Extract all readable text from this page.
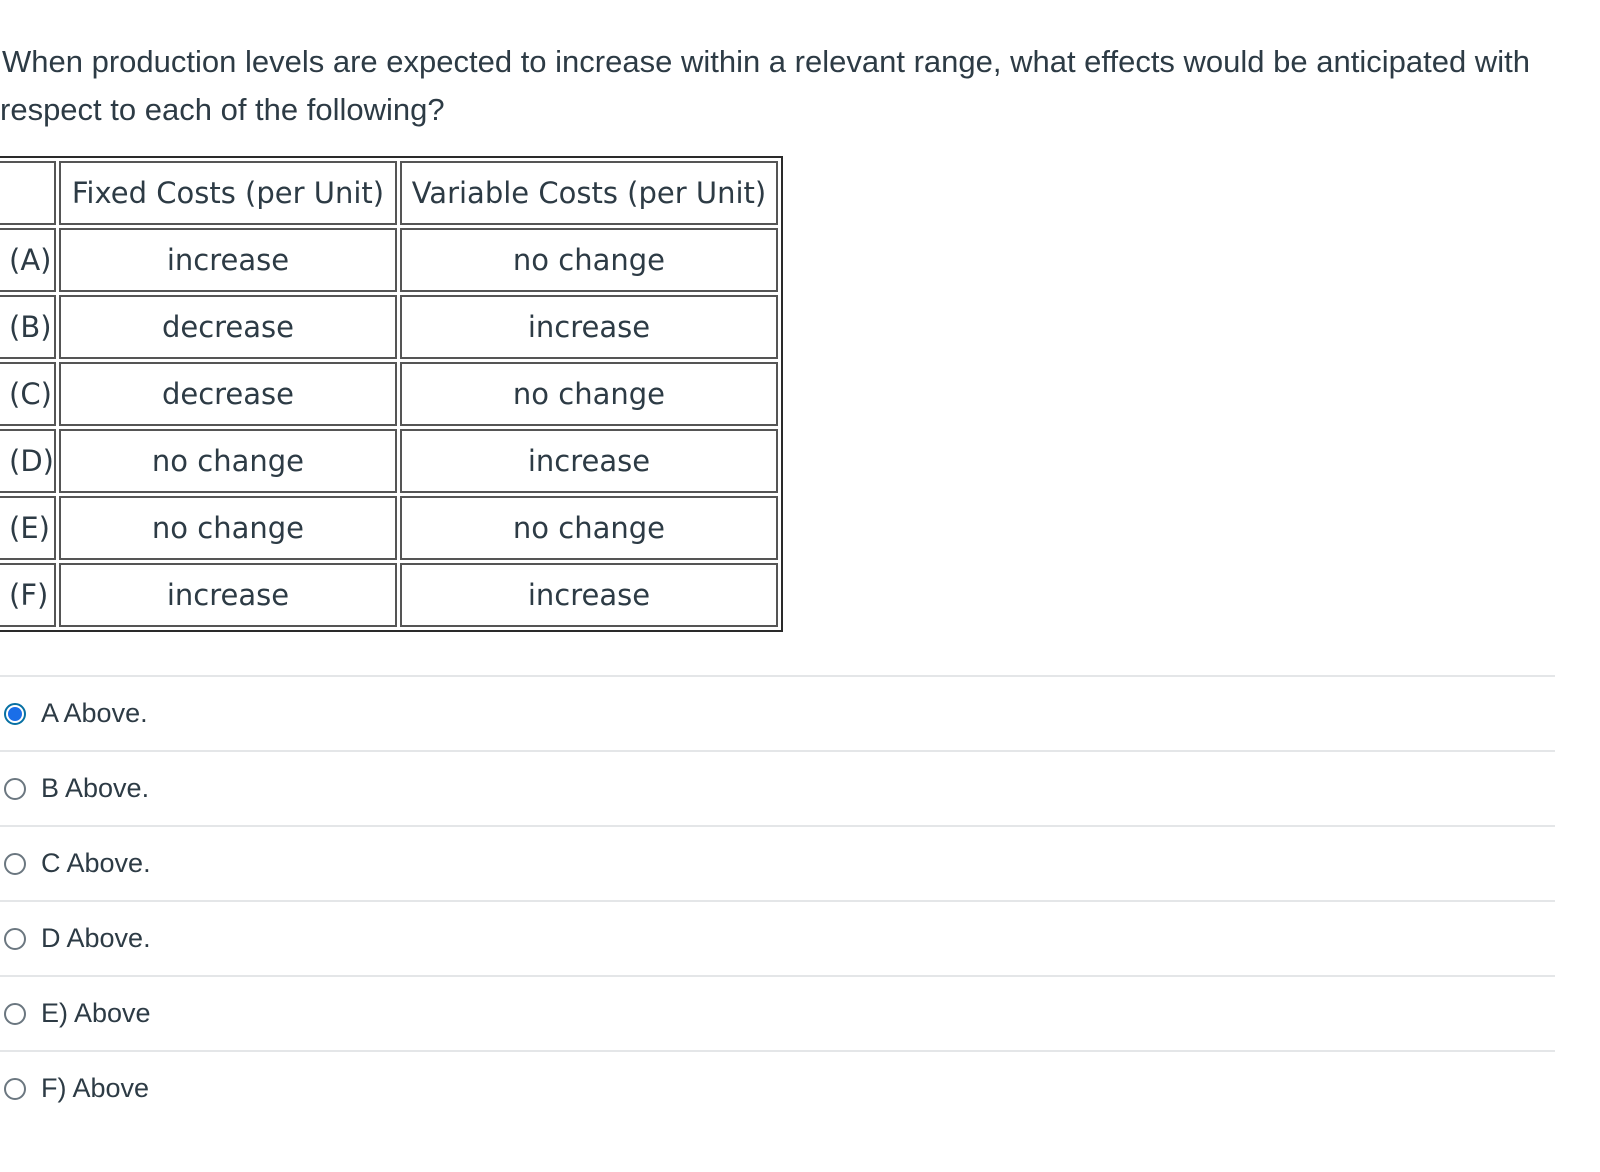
When production levels are expected to increase within a relevant range, what effects would be anticipated with respect to each of the following?
	Fixed Costs (per Unit)	Variable Costs (per Unit)
(A)	increase	no change
(B)	decrease	increase
(C)	decrease	no change
(D)	no change	increase
(E)	no change	no change
(F)	increase	increase
A Above.
B Above.
C Above.
D Above.
E) Above
F) Above
